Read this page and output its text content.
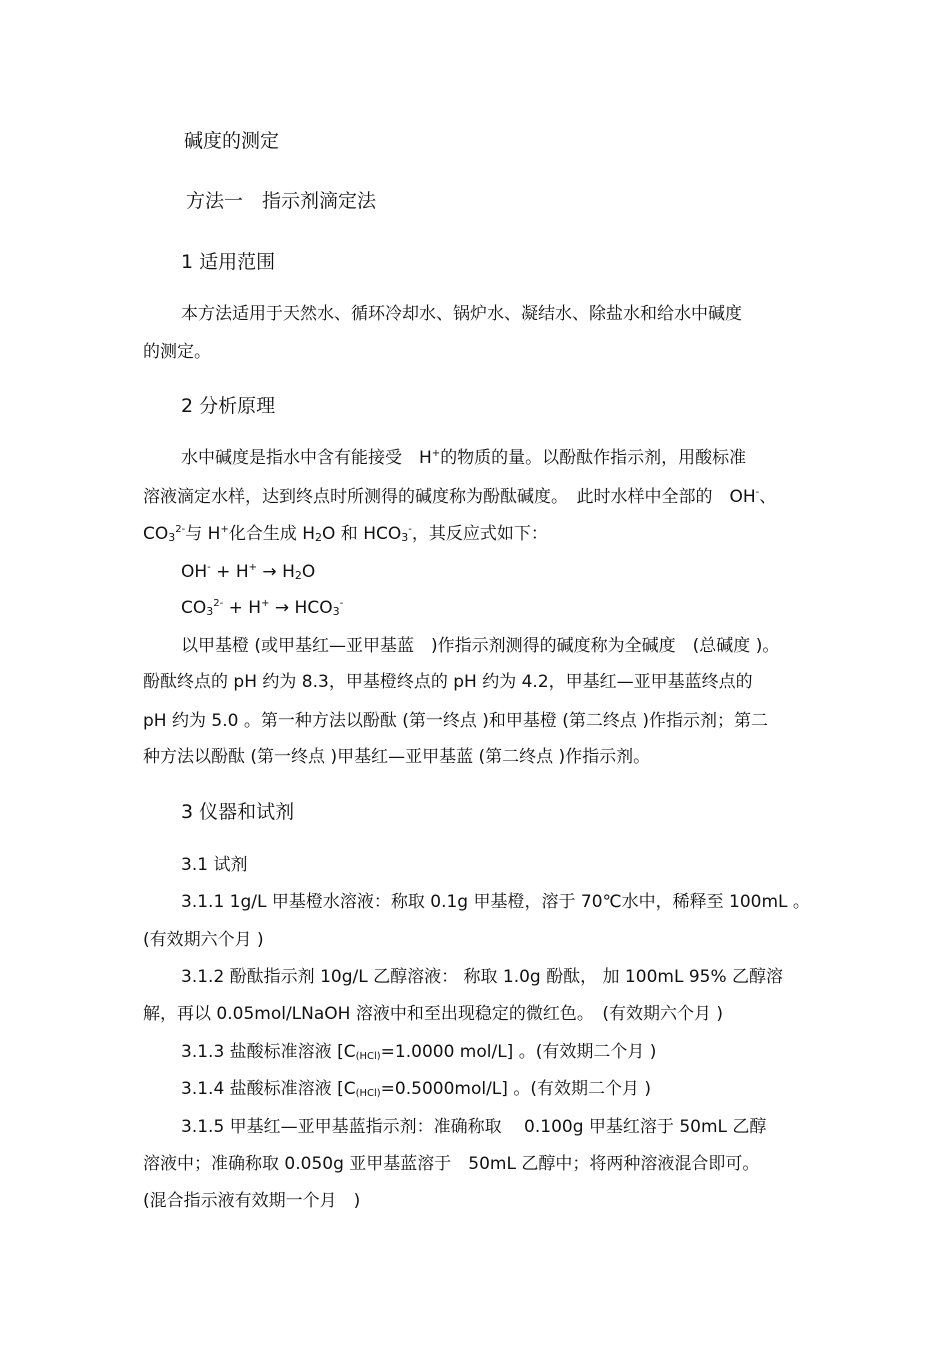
碱度的测定
方法一　指示剂滴定法
1 适用范围
本方法适用于天然水、循环冷却水、锅炉水、凝结水、除盐水和给水中碱度
的测定。
2 分析原理
水中碱度是指水中含有能接受　H+的物质的量。以酚酞作指示剂，用酸标准
溶液滴定水样，达到终点时所测得的碱度称为酚酞碱度。　此时水样中全部的　OH-、
$CO_3^{2-}$与 H+化合生成 $H_2O$ 和 $HCO_3^-$，其反应式如下：
$OH^- + H^+ \to H_2O$
$CO_3^{2-} + H^+ \to HCO_3^-$
以甲基橙 (或甲基红—亚甲基蓝　)作指示剂测得的碱度称为全碱度　(总碱度 )。
酚酞终点的 pH 约为 8.3，甲基橙终点的 pH 约为 4.2，甲基红—亚甲基蓝终点的
pH 约为 5.0 。第一种方法以酚酞 (第一终点 )和甲基橙 (第二终点 )作指示剂；第二
种方法以酚酞 (第一终点 )甲基红—亚甲基蓝 (第二终点 )作指示剂。
3 仪器和试剂
3.1 试剂
3.1.1 1g/L 甲基橙水溶液：称取 0.1g 甲基橙，溶于 70℃水中，稀释至 100mL 。
(有效期六个月 )
3.1.2 酚酞指示剂 10g/L 乙醇溶液： 称取 1.0g 酚酞， 加 100mL 95% 乙醇溶
解，再以 0.05mol/LNaOH 溶液中和至出现稳定的微红色。　(有效期六个月 )
3.1.3 盐酸标准溶液 [$C_{(HCl)}=1.0000$ mol/L] 。(有效期二个月 )
3.1.4 盐酸标准溶液 $[C_{(HCl)}=0.5000mol/L]$ 。(有效期二个月 )
3.1.5 甲基红—亚甲基蓝指示剂：准确称取　 0.100g 甲基红溶于 50mL 乙醇
溶液中；准确称取 0.050g 亚甲基蓝溶于　50mL 乙醇中；将两种溶液混合即可。
(混合指示液有效期一个月　)
